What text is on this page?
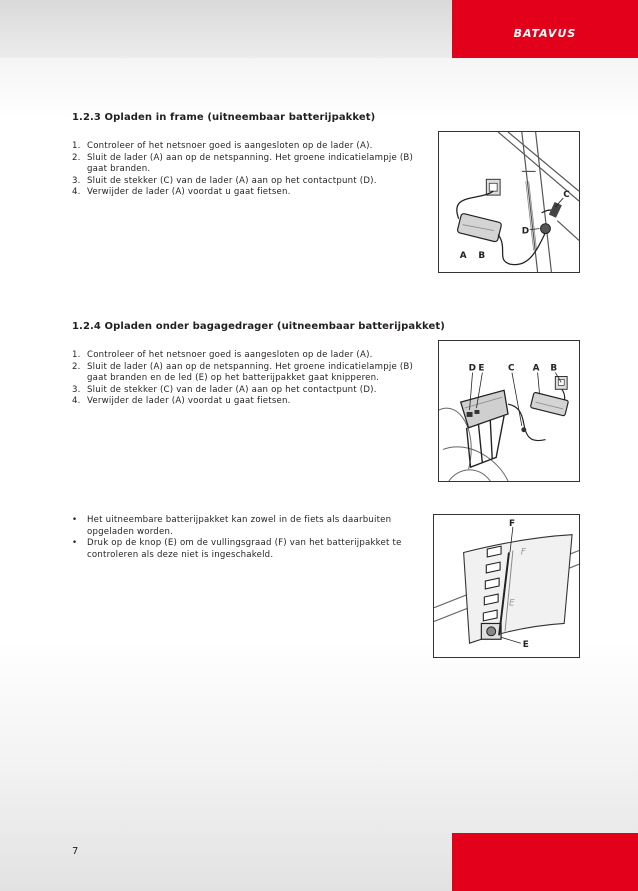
BATAVUS
1.2.3 Opladen in frame (uitneembaar batterijpakket)
1. Controleer of het netsnoer goed is aangesloten op de lader (A).
2. Sluit de lader (A) aan op de netspanning. Het groene indicatielampje (B) gaat branden.
3. Sluit de stekker (C) van de lader (A) aan op het contactpunt (D).
4. Verwijder de lader (A) voordat u gaat fietsen.	C
D
A B
1.2.4 Opladen onder bagagedrager (uitneembaar batterijpakket)
1. Controleer of het netsnoer goed is aangesloten op de lader (A).
2. Sluit de lader (A) aan op de netspanning. Het groene indicatielampje (B) gaat branden en de led (E) op het batterijpakket gaat knipperen.
3. Sluit de stekker (C) van de lader (A) aan op het contactpunt (D).
4. Verwijder de lader (A) voordat u gaat fietsen.
D E	C A B
• Het uitneembare batterijpakket kan zowel in de fiets als daarbuiten opgeladen worden.
• Druk op de knop (E) om de vullingsgraad (F) van het batterijpakket te controleren als deze niet is ingeschakeld.	F
E
F
E
7
